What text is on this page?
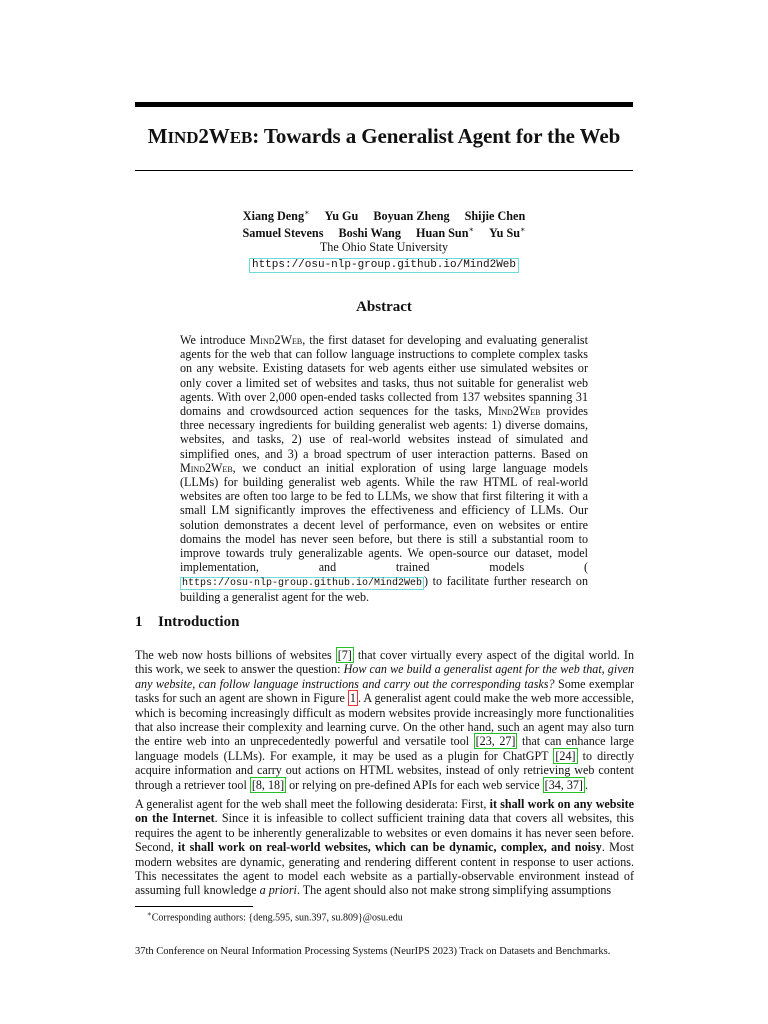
MIND2WEB: Towards a Generalist Agent for the Web
Xiang Deng∗ Yu Gu Boyuan Zheng Shijie Chen
Samuel Stevens Boshi Wang Huan Sun∗ Yu Su∗
The Ohio State University
https://osu-nlp-group.github.io/Mind2Web
Abstract
We introduce Mind2Web, the first dataset for developing and evaluating generalist agents for the web that can follow language instructions to complete complex tasks on any website. Existing datasets for web agents either use simulated websites or only cover a limited set of websites and tasks, thus not suitable for generalist web agents. With over 2,000 open-ended tasks collected from 137 websites spanning 31 domains and crowdsourced action sequences for the tasks, Mind2Web provides three necessary ingredients for building generalist web agents: 1) diverse domains, websites, and tasks, 2) use of real-world websites instead of simulated and simplified ones, and 3) a broad spectrum of user interaction patterns. Based on Mind2Web, we conduct an initial exploration of using large language models (LLMs) for building generalist web agents. While the raw HTML of real-world websites are often too large to be fed to LLMs, we show that first filtering it with a small LM significantly improves the effectiveness and efficiency of LLMs. Our solution demonstrates a decent level of performance, even on websites or entire domains the model has never seen before, but there is still a substantial room to improve towards truly generalizable agents. We open-source our dataset, model implementation, and trained models (https://osu-nlp-group.github.io/Mind2Web ) to facilitate further research on building a generalist agent for the web.
1 Introduction
The web now hosts billions of websites [7] that cover virtually every aspect of the digital world. In this work, we seek to answer the question: How can we build a generalist agent for the web that, given any website, can follow language instructions and carry out the corresponding tasks? Some exemplar tasks for such an agent are shown in Figure 1 . A generalist agent could make the web more accessible, which is becoming increasingly difficult as modern websites provide increasingly more functionalities that also increase their complexity and learning curve. On the other hand, such an agent may also turn the entire web into an unprecedentedly powerful and versatile tool [23, 27] that can enhance large language models (LLMs). For example, it may be used as a plugin for ChatGPT [24] to directly acquire information and carry out actions on HTML websites, instead of only retrieving web content through a retriever tool [8, 18] or relying on pre-defined APIs for each web service [34, 37] .
A generalist agent for the web shall meet the following desiderata: First, it shall work on any website on the Internet. Since it is infeasible to collect sufficient training data that covers all websites, this requires the agent to be inherently generalizable to websites or even domains it has never seen before. Second, it shall work on real-world websites, which can be dynamic, complex, and noisy. Most modern websites are dynamic, generating and rendering different content in response to user actions. This necessitates the agent to model each website as a partially-observable environment instead of assuming full knowledge a priori. The agent should also not make strong simplifying assumptions
∗Corresponding authors: {deng.595, sun.397, su.809}@osu.edu
37th Conference on Neural Information Processing Systems (NeurIPS 2023) Track on Datasets and Benchmarks.
